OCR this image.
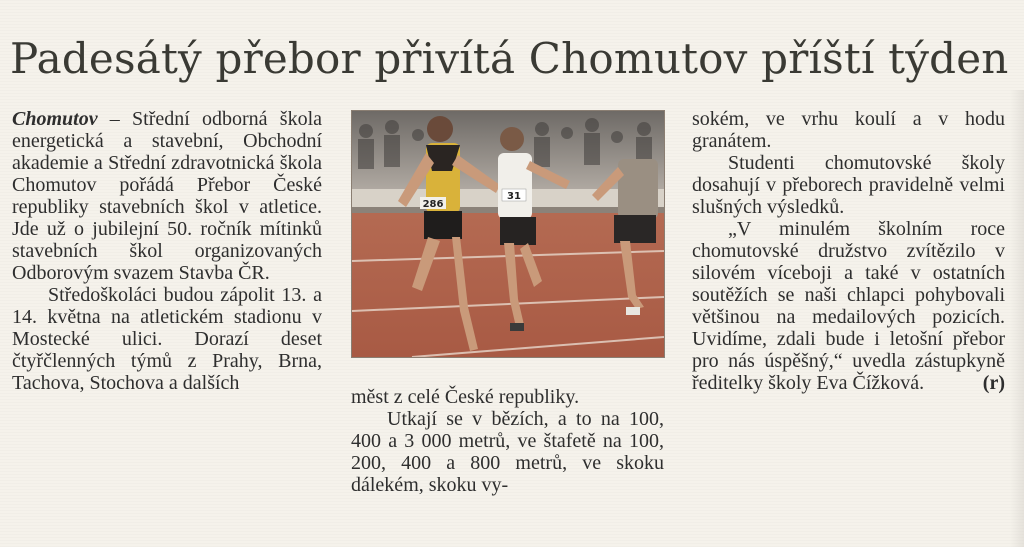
Padesátý přebor přivítá Chomutov příští týden

Chomutov – Střední odborná škola energetická a stavební, Obchodní akademie a Střední zdravotnická škola Chomutov pořádá Přebor České republiky stavebních škol v atletice. Jde už o jubilejní 50. ročník mítinků stavebních škol organizovaných Odborovým svazem Stavba ČR.

Středoškoláci budou zápolit 13. a 14. května na atletickém stadionu v Mostecké ulici. Dorazí deset čtyřčlenných týmů z Prahy, Brna, Tachova, Stochova a dalších

286
31

měst z celé České republiky.

Utkají se v bězích, a to na 100, 400 a 3 000 metrů, ve štafetě na 100, 200, 400 a 800 metrů, ve skoku dálekém, skoku vy-

sokém, ve vrhu koulí a v hodu granátem.

Studenti chomutovské školy dosahují v přeborech pravidelně velmi slušných výsledků.

„V minulém školním roce chomutovské družstvo zvítězilo v silovém víceboji a také v ostatních soutěžích se naši chlapci pohybovali většinou na medailových pozicích. Uvidíme, zdali bude i letošní přebor pro nás úspěšný,“ uvedla zástupkyně ředitelky školy Eva Čížková.	(r)
